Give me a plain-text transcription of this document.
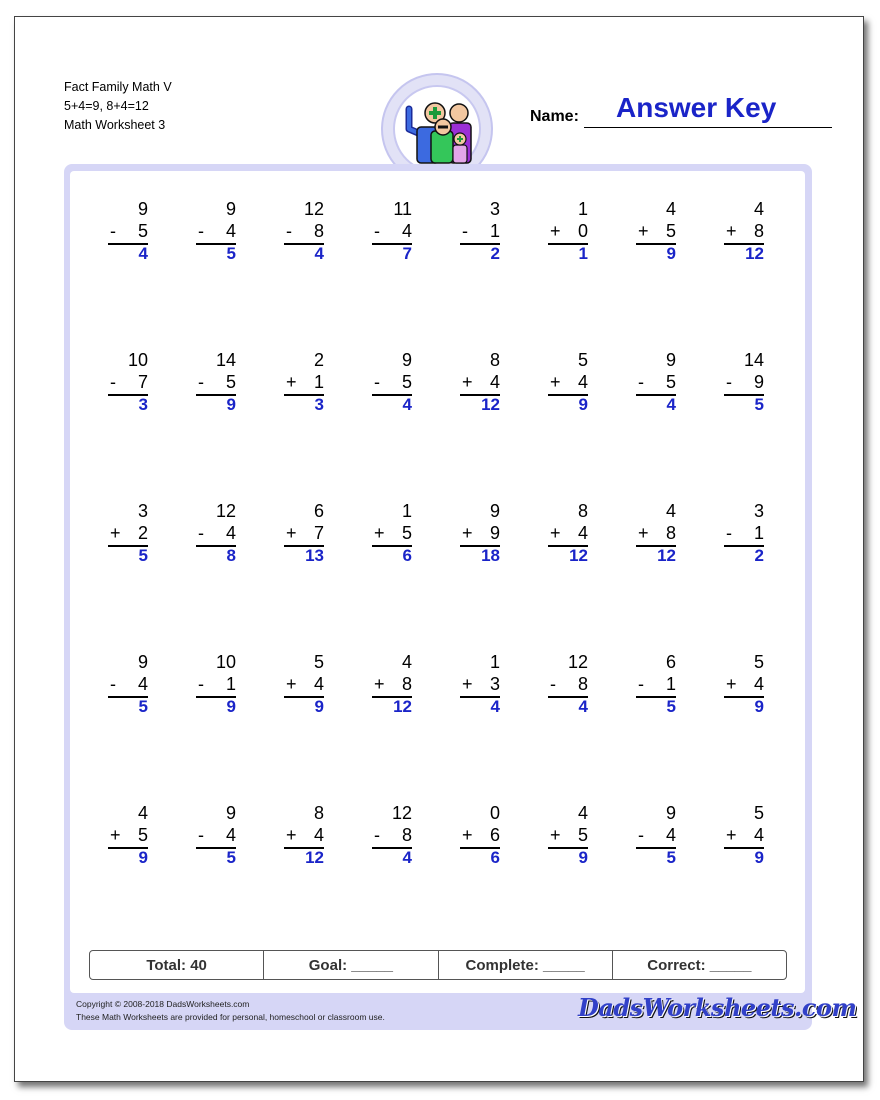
Fact Family Math V
5+4=9, 8+4=12
Math Worksheet 3	Name: Answer Key
9
- 5
4
9
- 4
5
12
- 8
4
11
- 4
7
3
- 1
2
1
+ 0
1
4
+ 5
9
4
+ 8
12
10
- 7
3
14
- 5
9
2
+ 1
3
9
- 5
4
8
+ 4
12
5
+ 4
9
9
- 5
4
14
- 9
5
3
+ 2
5
12
- 4
8
6
+ 7
13
1
+ 5
6
9
+ 9
18
8
+ 4
12
4
+ 8
12
3
- 1
2
9
- 4
5
10
- 1
9
5
+ 4
9
4
+ 8
12
1
+ 3
4
12
- 8
4
6
- 1
5
5
+ 4
9
4
+ 5
9
9
- 4
5
8
+ 4
12
12
- 8
4
0
+ 6
6
4
+ 5
9
9
- 4
5
5
+ 4
9
Total: 40	Goal: _____	Complete: _____	Correct: _____
Copyright © 2008-2018 DadsWorksheets.com
These Math Worksheets are provided for personal, homeschool or classroom use.	DadsWorksheets.com
